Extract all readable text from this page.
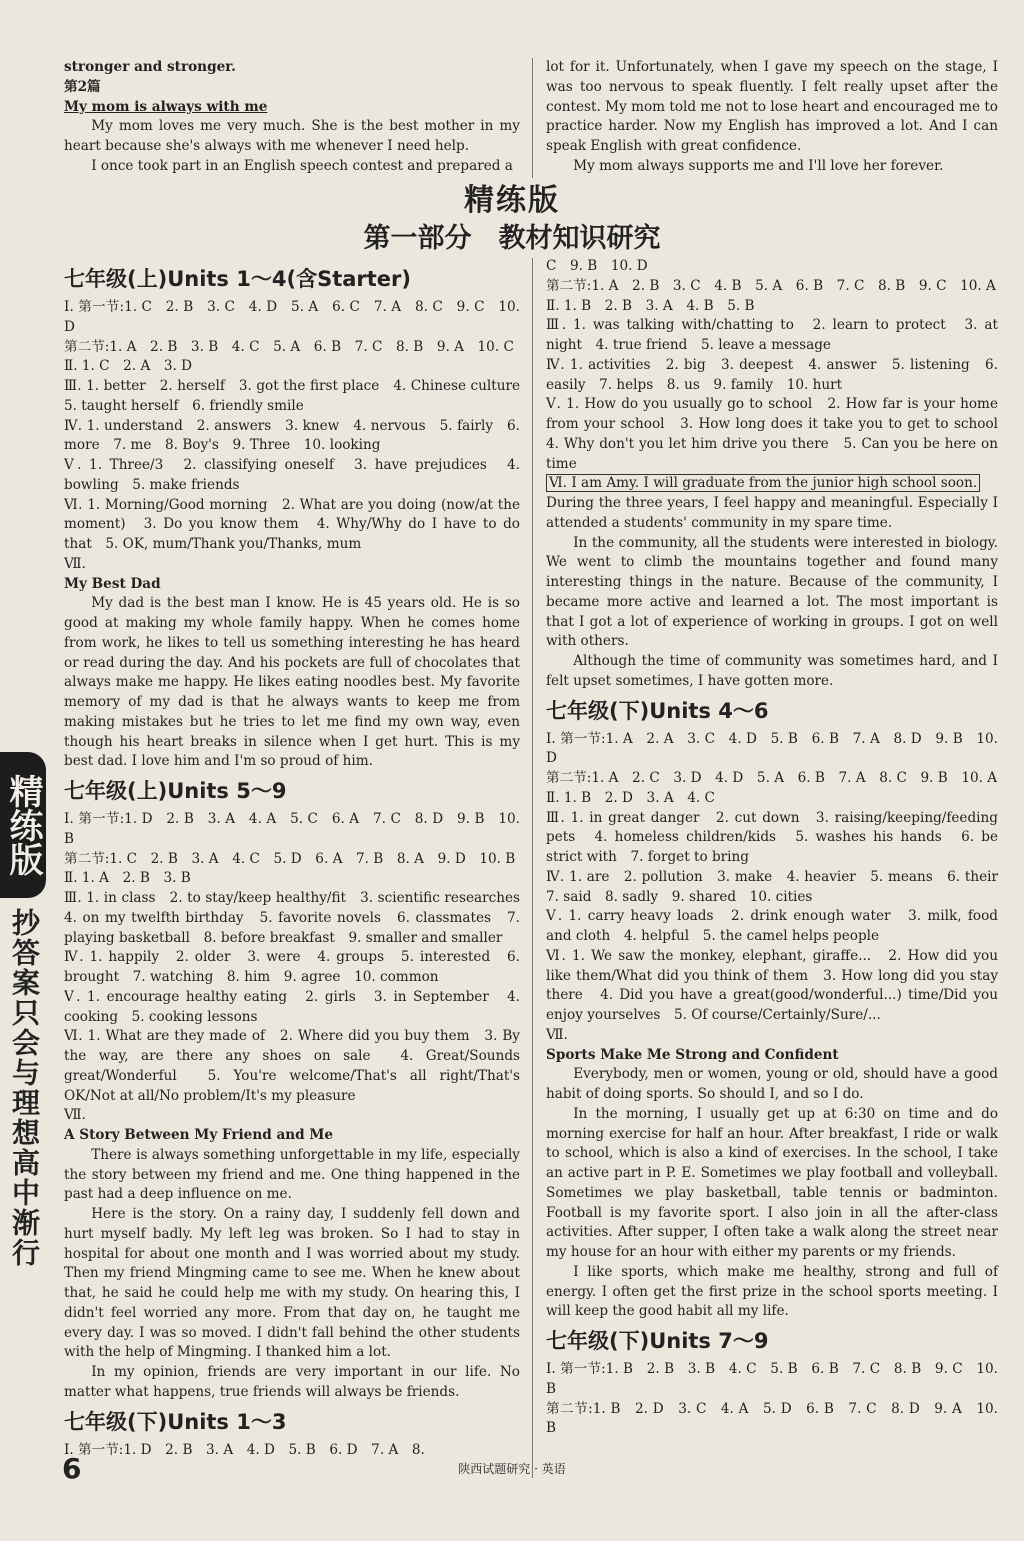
stronger and stronger.

第2篇

My mom is always with me

My mom loves me very much. She is the best mother in my heart because she's always with me whenever I need help.

I once took part in an English speech contest and prepared a

lot for it. Unfortunately, when I gave my speech on the stage, I was too nervous to speak fluently. I felt really upset after the contest. My mom told me not to lose heart and encouraged me to practice harder. Now my English has improved a lot. And I can speak English with great confidence.

My mom always supports me and I'll love her forever.

精练版

第一部分　教材知识研究

七年级(上)Units 1～4(含Starter)

Ⅰ. 第一节:1. C　2. B　3. C　4. D　5. A　6. C　7. A　8. C　9. C　10. D

第二节:1. A　2. B　3. B　4. C　5. A　6. B　7. C　8. B　9. A　10. C

Ⅱ. 1. C　2. A　3. D

Ⅲ. 1. better　2. herself　3. got the first place　4. Chinese culture　5. taught herself　6. friendly smile

Ⅳ. 1. understand　2. answers　3. knew　4. nervous　5. fairly　6. more　7. me　8. Boy's　9. Three　10. looking

Ⅴ. 1. Three/3　2. classifying oneself　3. have prejudices　4. bowling　5. make friends

Ⅵ. 1. Morning/Good morning　2. What are you doing (now/at the moment)　3. Do you know them　4. Why/Why do I have to do that　5. OK, mum/Thank you/Thanks, mum

Ⅶ.

My Best Dad

My dad is the best man I know. He is 45 years old. He is so good at making my whole family happy. When he comes home from work, he likes to tell us something interesting he has heard or read during the day. And his pockets are full of chocolates that always make me happy. He likes eating noodles best. My favorite memory of my dad is that he always wants to keep me from making mistakes but he tries to let me find my own way, even though his heart breaks in silence when I get hurt. This is my best dad. I love him and I'm so proud of him.

七年级(上)Units 5～9

Ⅰ. 第一节:1. D　2. B　3. A　4. A　5. C　6. A　7. C　8. D　9. B　10. B

第二节:1. C　2. B　3. A　4. C　5. D　6. A　7. B　8. A　9. D　10. B

Ⅱ. 1. A　2. B　3. B

Ⅲ. 1. in class　2. to stay/keep healthy/fit　3. scientific researches　4. on my twelfth birthday　5. favorite novels　6. classmates　7. playing basketball　8. before breakfast　9. smaller and smaller

Ⅳ. 1. happily　2. older　3. were　4. groups　5. interested　6. brought　7. watching　8. him　9. agree　10. common

Ⅴ. 1. encourage healthy eating　2. girls　3. in September　4. cooking　5. cooking lessons

Ⅵ. 1. What are they made of　2. Where did you buy them　3. By the way, are there any shoes on sale　4. Great/Sounds great/Wonderful　5. You're welcome/That's all right/That's OK/Not at all/No problem/It's my pleasure

Ⅶ.

A Story Between My Friend and Me

There is always something unforgettable in my life, especially the story between my friend and me. One thing happened in the past had a deep influence on me.

Here is the story. On a rainy day, I suddenly fell down and hurt myself badly. My left leg was broken. So I had to stay in hospital for about one month and I was worried about my study. Then my friend Mingming came to see me. When he knew about that, he said he could help me with my study. On hearing this, I didn't feel worried any more. From that day on, he taught me every day. I was so moved. I didn't fall behind the other students with the help of Mingming. I thanked him a lot.

In my opinion, friends are very important in our life. No matter what happens, true friends will always be friends.

七年级(下)Units 1～3

Ⅰ. 第一节:1. D　2. B　3. A　4. D　5. B　6. D　7. A　8.

C　9. B　10. D

第二节:1. A　2. B　3. C　4. B　5. A　6. B　7. C　8. B　9. C　10. A

Ⅱ. 1. B　2. B　3. A　4. B　5. B

Ⅲ. 1. was talking with/chatting to　2. learn to protect　3. at night　4. true friend　5. leave a message

Ⅳ. 1. activities　2. big　3. deepest　4. answer　5. listening　6. easily　7. helps　8. us　9. family　10. hurt

Ⅴ. 1. How do you usually go to school　2. How far is your home from your school　3. How long does it take you to get to school　4. Why don't you let him drive you there　5. Can you be here on time

Ⅵ. I am Amy. I will graduate from the junior high school soon.

During the three years, I feel happy and meaningful. Especially I attended a students' community in my spare time.

In the community, all the students were interested in biology. We went to climb the mountains together and found many interesting things in the nature. Because of the community, I became more active and learned a lot. The most important is that I got a lot of experience of working in groups. I got on well with others.

Although the time of community was sometimes hard, and I felt upset sometimes, I have gotten more.

七年级(下)Units 4～6

Ⅰ. 第一节:1. A　2. A　3. C　4. D　5. B　6. B　7. A　8. D　9. B　10. D

第二节:1. A　2. C　3. D　4. D　5. A　6. B　7. A　8. C　9. B　10. A

Ⅱ. 1. B　2. D　3. A　4. C

Ⅲ. 1. in great danger　2. cut down　3. raising/keeping/feeding pets　4. homeless children/kids　5. washes his hands　6. be strict with　7. forget to bring

Ⅳ. 1. are　2. pollution　3. make　4. heavier　5. means　6. their　7. said　8. sadly　9. shared　10. cities

Ⅴ. 1. carry heavy loads　2. drink enough water　3. milk, food and cloth　4. helpful　5. the camel helps people

Ⅵ. 1. We saw the monkey, elephant, giraffe...　2. How did you like them/What did you think of them　3. How long did you stay there　4. Did you have a great(good/wonderful...) time/Did you enjoy yourselves　5. Of course/Certainly/Sure/...

Ⅶ.

Sports Make Me Strong and Confident

Everybody, men or women, young or old, should have a good habit of doing sports. So should I, and so I do.

In the morning, I usually get up at 6:30 on time and do morning exercise for half an hour. After breakfast, I ride or walk to school, which is also a kind of exercises. In the school, I take an active part in P. E. Sometimes we play football and volleyball. Sometimes we play basketball, table tennis or badminton. Football is my favorite sport. I also join in all the after-class activities. After supper, I often take a walk along the street near my house for an hour with either my parents or my friends.

I like sports, which make me healthy, strong and full of energy. I often get the first prize in the school sports meeting. I will keep the good habit all my life.

七年级(下)Units 7～9

Ⅰ. 第一节:1. B　2. B　3. B　4. C　5. B　6. B　7. C　8. B　9. C　10. B

第二节:1. B　2. D　3. C　4. A　5. D　6. B　7. C　8. D　9. A　10. B

精练版
抄答案只会与理想高中渐行
6	陕西试题研究 · 英语
